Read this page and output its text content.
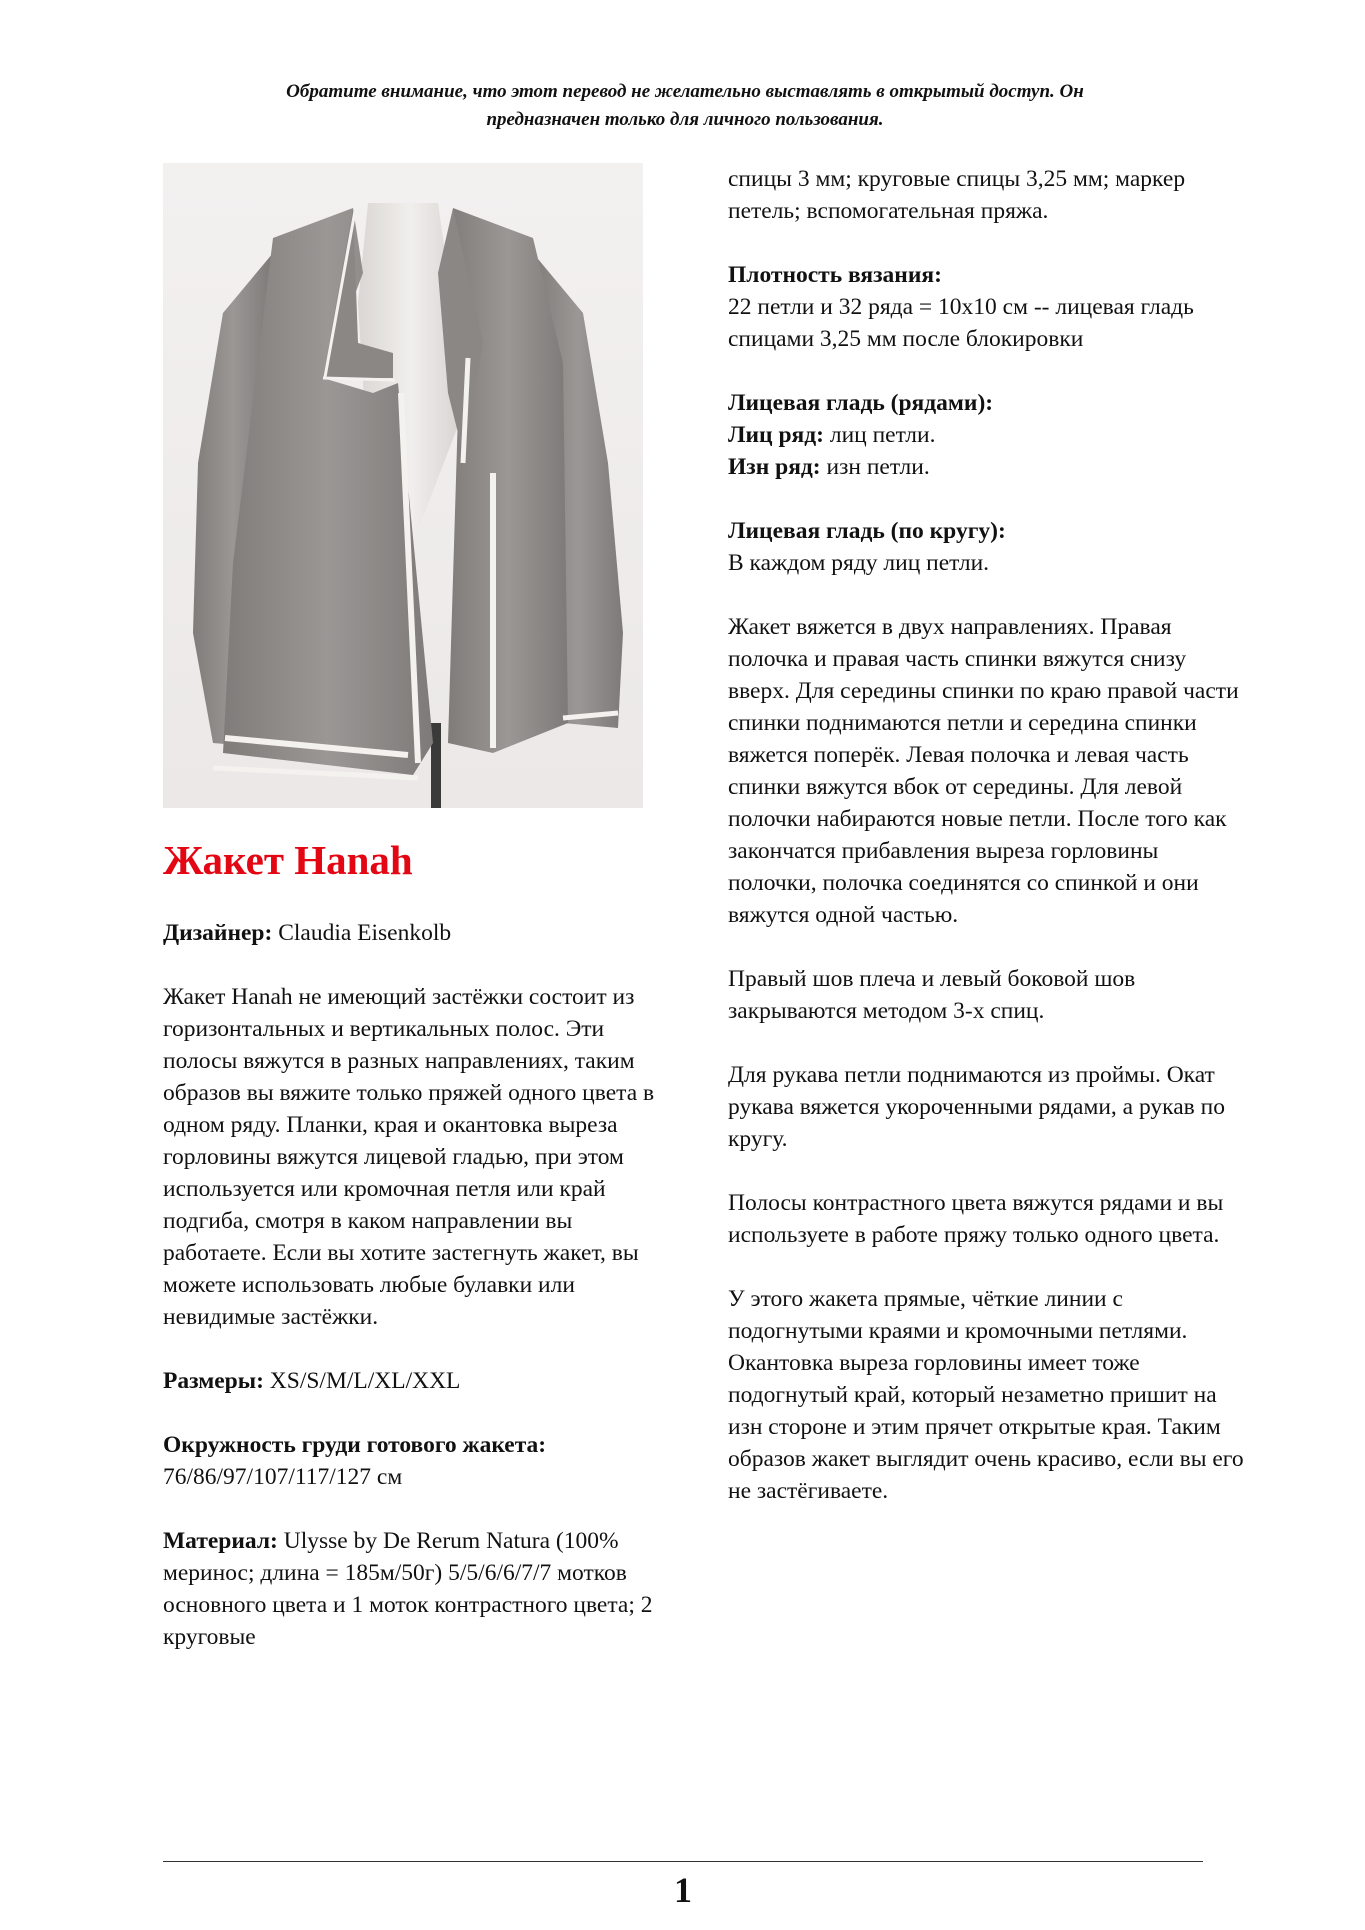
Обратите внимание, что этот перевод не желательно выставлять в открытый доступ. Он
предназначен только для личного пользования.
Жакет Hanah

Дизайнер: Claudia Eisenkolb

Жакет Hanah не имеющий застёжки состоит из горизонтальных и вертикальных полос. Эти полосы вяжутся в разных направлениях, таким образов вы вяжите только пряжей одного цвета в одном ряду. Планки, края и окантовка выреза горловины вяжутся лицевой гладью, при этом используется или кромочная петля или край подгиба, смотря в каком направлении вы работаете. Если вы хотите застегнуть жакет, вы можете использовать любые булавки или невидимые застёжки.

Размеры: XS/S/M/L/XL/XXL

Окружность груди готового жакета:
76/86/97/107/117/127 см

Материал: Ulysse by De Rerum Natura (100% меринос; длина = 185м/50г) 5/5/6/6/7/7 мотков основного цвета и 1 моток контрастного цвета; 2 круговые

спицы 3 мм; круговые спицы 3,25 мм; маркер петель; вспомогательная пряжа.

Плотность вязания:
22 петли и 32 ряда = 10х10 см -- лицевая гладь спицами 3,25 мм после блокировки

Лицевая гладь (рядами):
Лиц ряд: лиц петли.
Изн ряд: изн петли.

Лицевая гладь (по кругу):
В каждом ряду лиц петли.

Жакет вяжется в двух направлениях. Правая полочка и правая часть спинки вяжутся снизу вверх. Для середины спинки по краю правой части спинки поднимаются петли и середина спинки вяжется поперёк. Левая полочка и левая часть спинки вяжутся вбок от середины. Для левой полочки набираются новые петли. После того как закончатся прибавления выреза горловины полочки, полочка соединятся со спинкой и они вяжутся одной частью.

Правый шов плеча и левый боковой шов закрываются методом 3-х спиц.

Для рукава петли поднимаются из проймы. Окат рукава вяжется укороченными рядами, а рукав по кругу.

Полосы контрастного цвета вяжутся рядами и вы используете в работе пряжу только одного цвета.

У этого жакета прямые, чёткие линии с подогнутыми краями и кромочными петлями. Окантовка выреза горловины имеет тоже подогнутый край, который незаметно пришит на изн стороне и этим прячет открытые края. Таким образов жакет выглядит очень красиво, если вы его не застёгиваете.

1
